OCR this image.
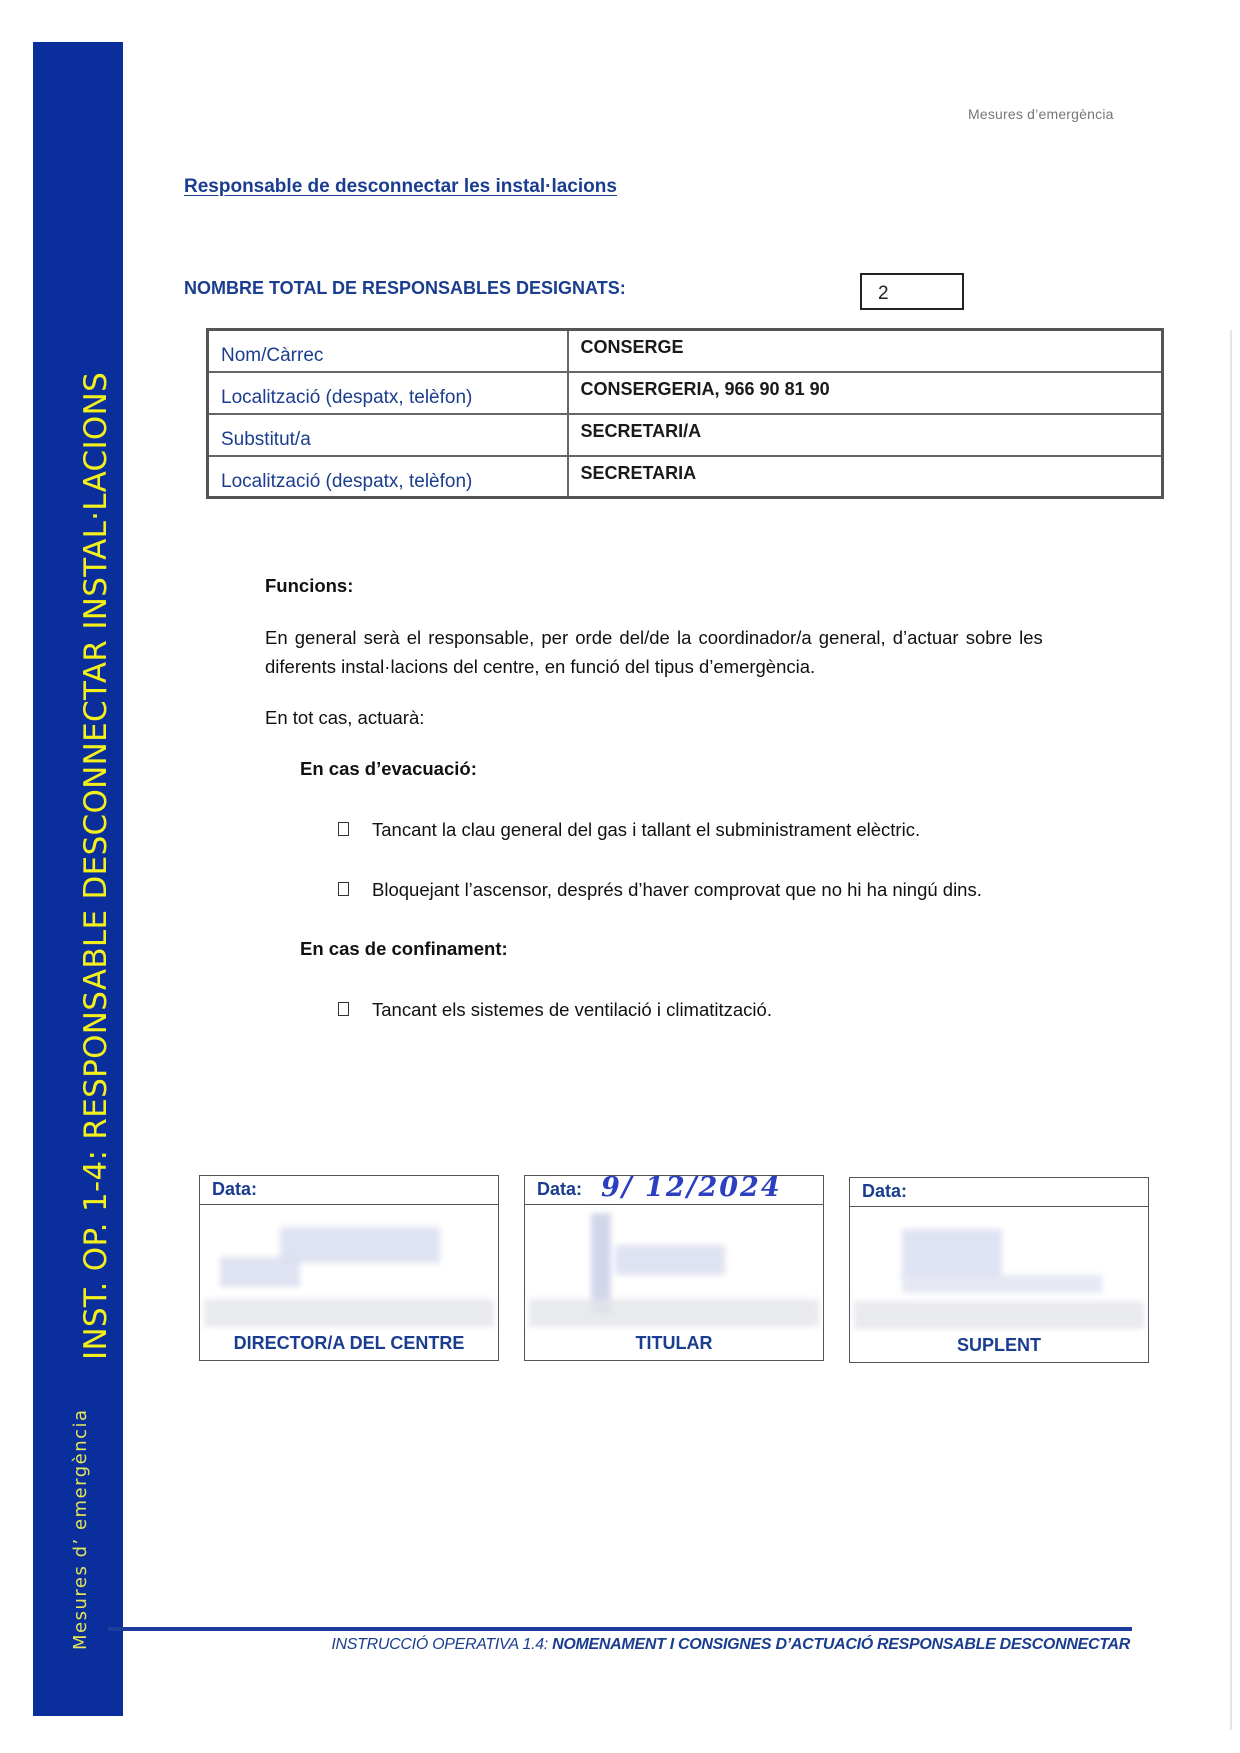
INST. OP. 1-4: RESPONSABLE DESCONNECTAR INSTAL·LACIONS
Mesures d’ emergència
Mesures d’emergència
Responsable de desconnectar les instal·lacions
NOMBRE TOTAL DE RESPONSABLES DESIGNATS:	2
Nom/Càrrec	CONSERGE
Localització (despatx, telèfon)	CONSERGERIA, 966 90 81 90
Substitut/a	SECRETARI/A
Localització (despatx, telèfon)	SECRETARIA
Funcions:
En general serà el responsable, per orde del/de la coordinador/a general, d’actuar sobre les
diferents instal·lacions del centre, en funció del tipus d’emergència.
En tot cas, actuarà:
En cas d’evacuació:
Tancant la clau general del gas i tallant el subministrament elèctric.
Bloquejant l’ascensor, després d’haver comprovat que no hi ha ningú dins.
En cas de confinament:
Tancant els sistemes de ventilació i climatització.
Data:
DIRECTOR/A DEL CENTRE
Data: 9/ 12/2024
TITULAR
Data:
SUPLENT
INSTRUCCIÓ OPERATIVA 1.4: NOMENAMENT I CONSIGNES D’ACTUACIÓ RESPONSABLE DESCONNECTAR
